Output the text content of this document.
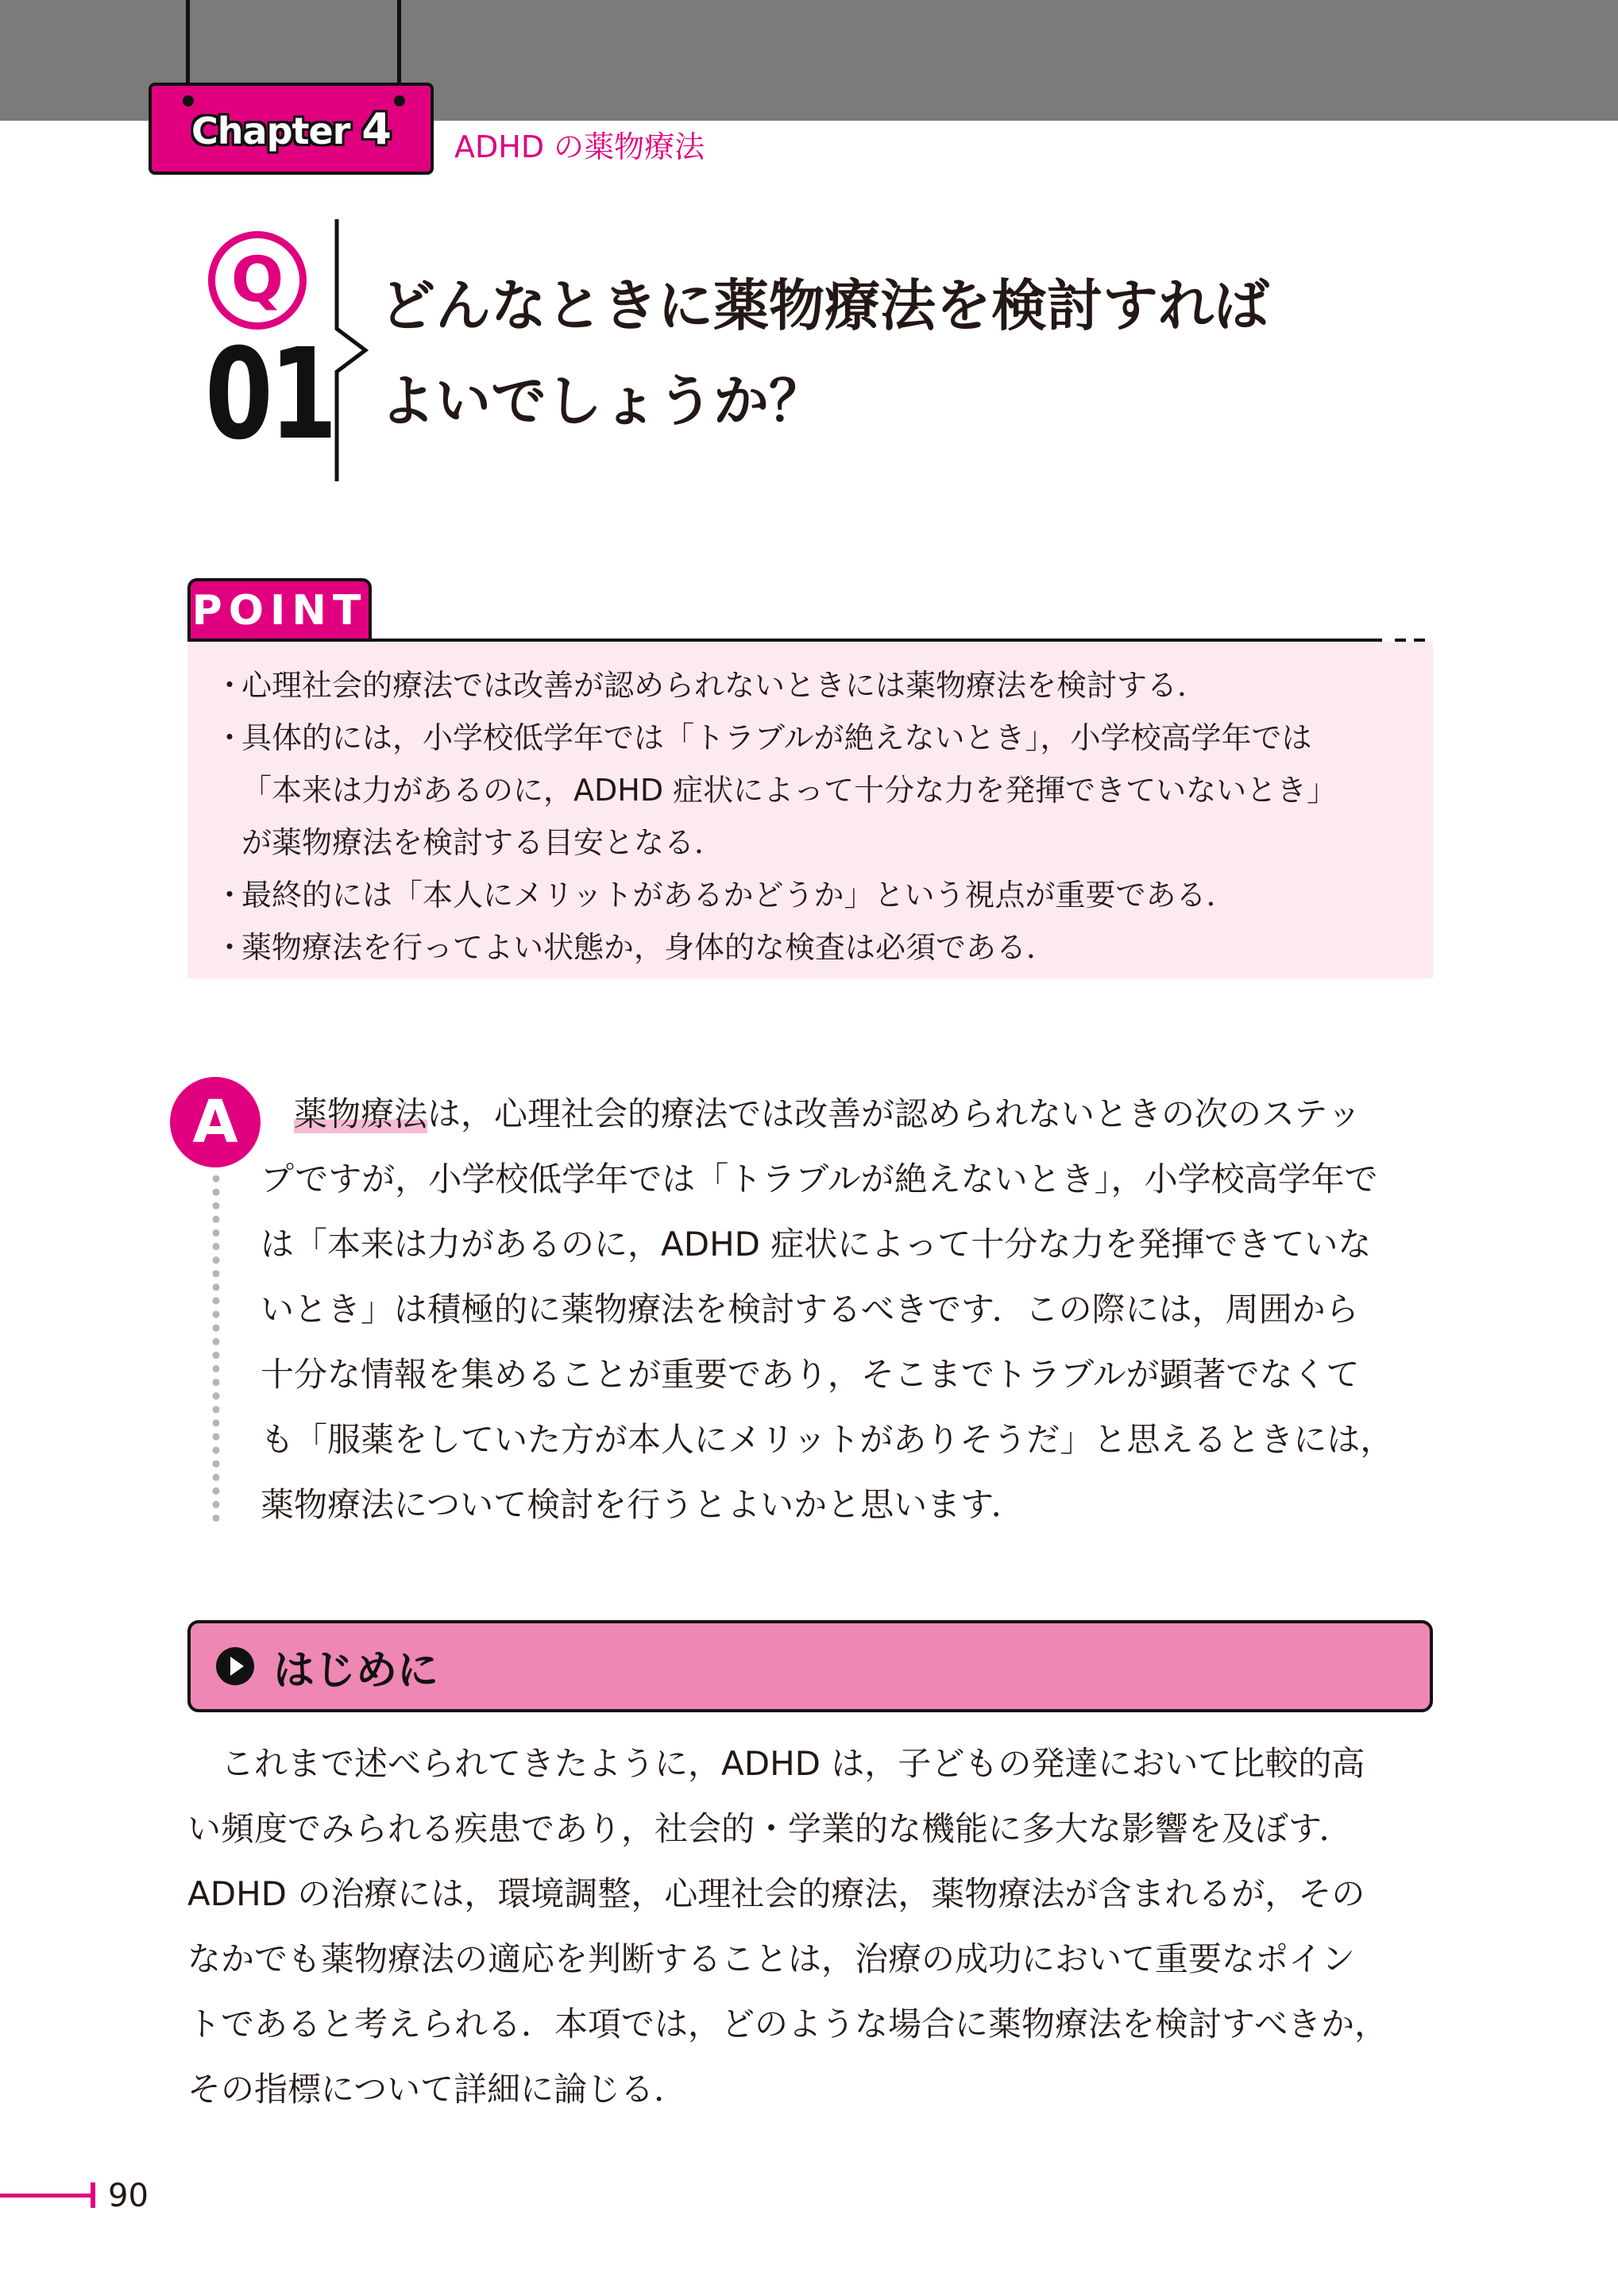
Chapter 4 ADHD の薬物療法
Q
01
どんなときに薬物療法を検討すれば
よいでしょうか？
POINT
・
心理社会的療法では改善が認められないときには薬物療法を検討する．
・
具体的には，小学校低学年では「トラブルが絶えないとき」，小学校高学年では
「本来は力があるのに，ADHD 症状によって十分な力を発揮できていないとき」
が薬物療法を検討する目安となる．
・
最終的には「本人にメリットがあるかどうか」という視点が重要である．
・
薬物療法を行ってよい状態か，身体的な検査は必須である．
A

　	薬物療法は，心理社会的療法では改善が認められないときの次のステッ

プですが，小学校低学年では「トラブルが絶えないとき」，小学校高学年で

は「本来は力があるのに，ADHD 症状によって十分な力を発揮できていな

いとき」は積極的に薬物療法を検討するべきです．この際には，周囲から

十分な情報を集めることが重要であり，そこまでトラブルが顕著でなくて

も「服薬をしていた方が本人にメリットがありそうだ」と思えるときには，

薬物療法について検討を行うとよいかと思います．

はじめに

　これまで述べられてきたように，ADHD は，子どもの発達において比較的高

い頻度でみられる疾患であり，社会的・学業的な機能に多大な影響を及ぼす．

ADHD の治療には，環境調整，心理社会的療法，薬物療法が含まれるが，その

なかでも薬物療法の適応を判断することは，治療の成功において重要なポイン

トであると考えられる．本項では，どのような場合に薬物療法を検討すべきか，

その指標について詳細に論じる．

90
